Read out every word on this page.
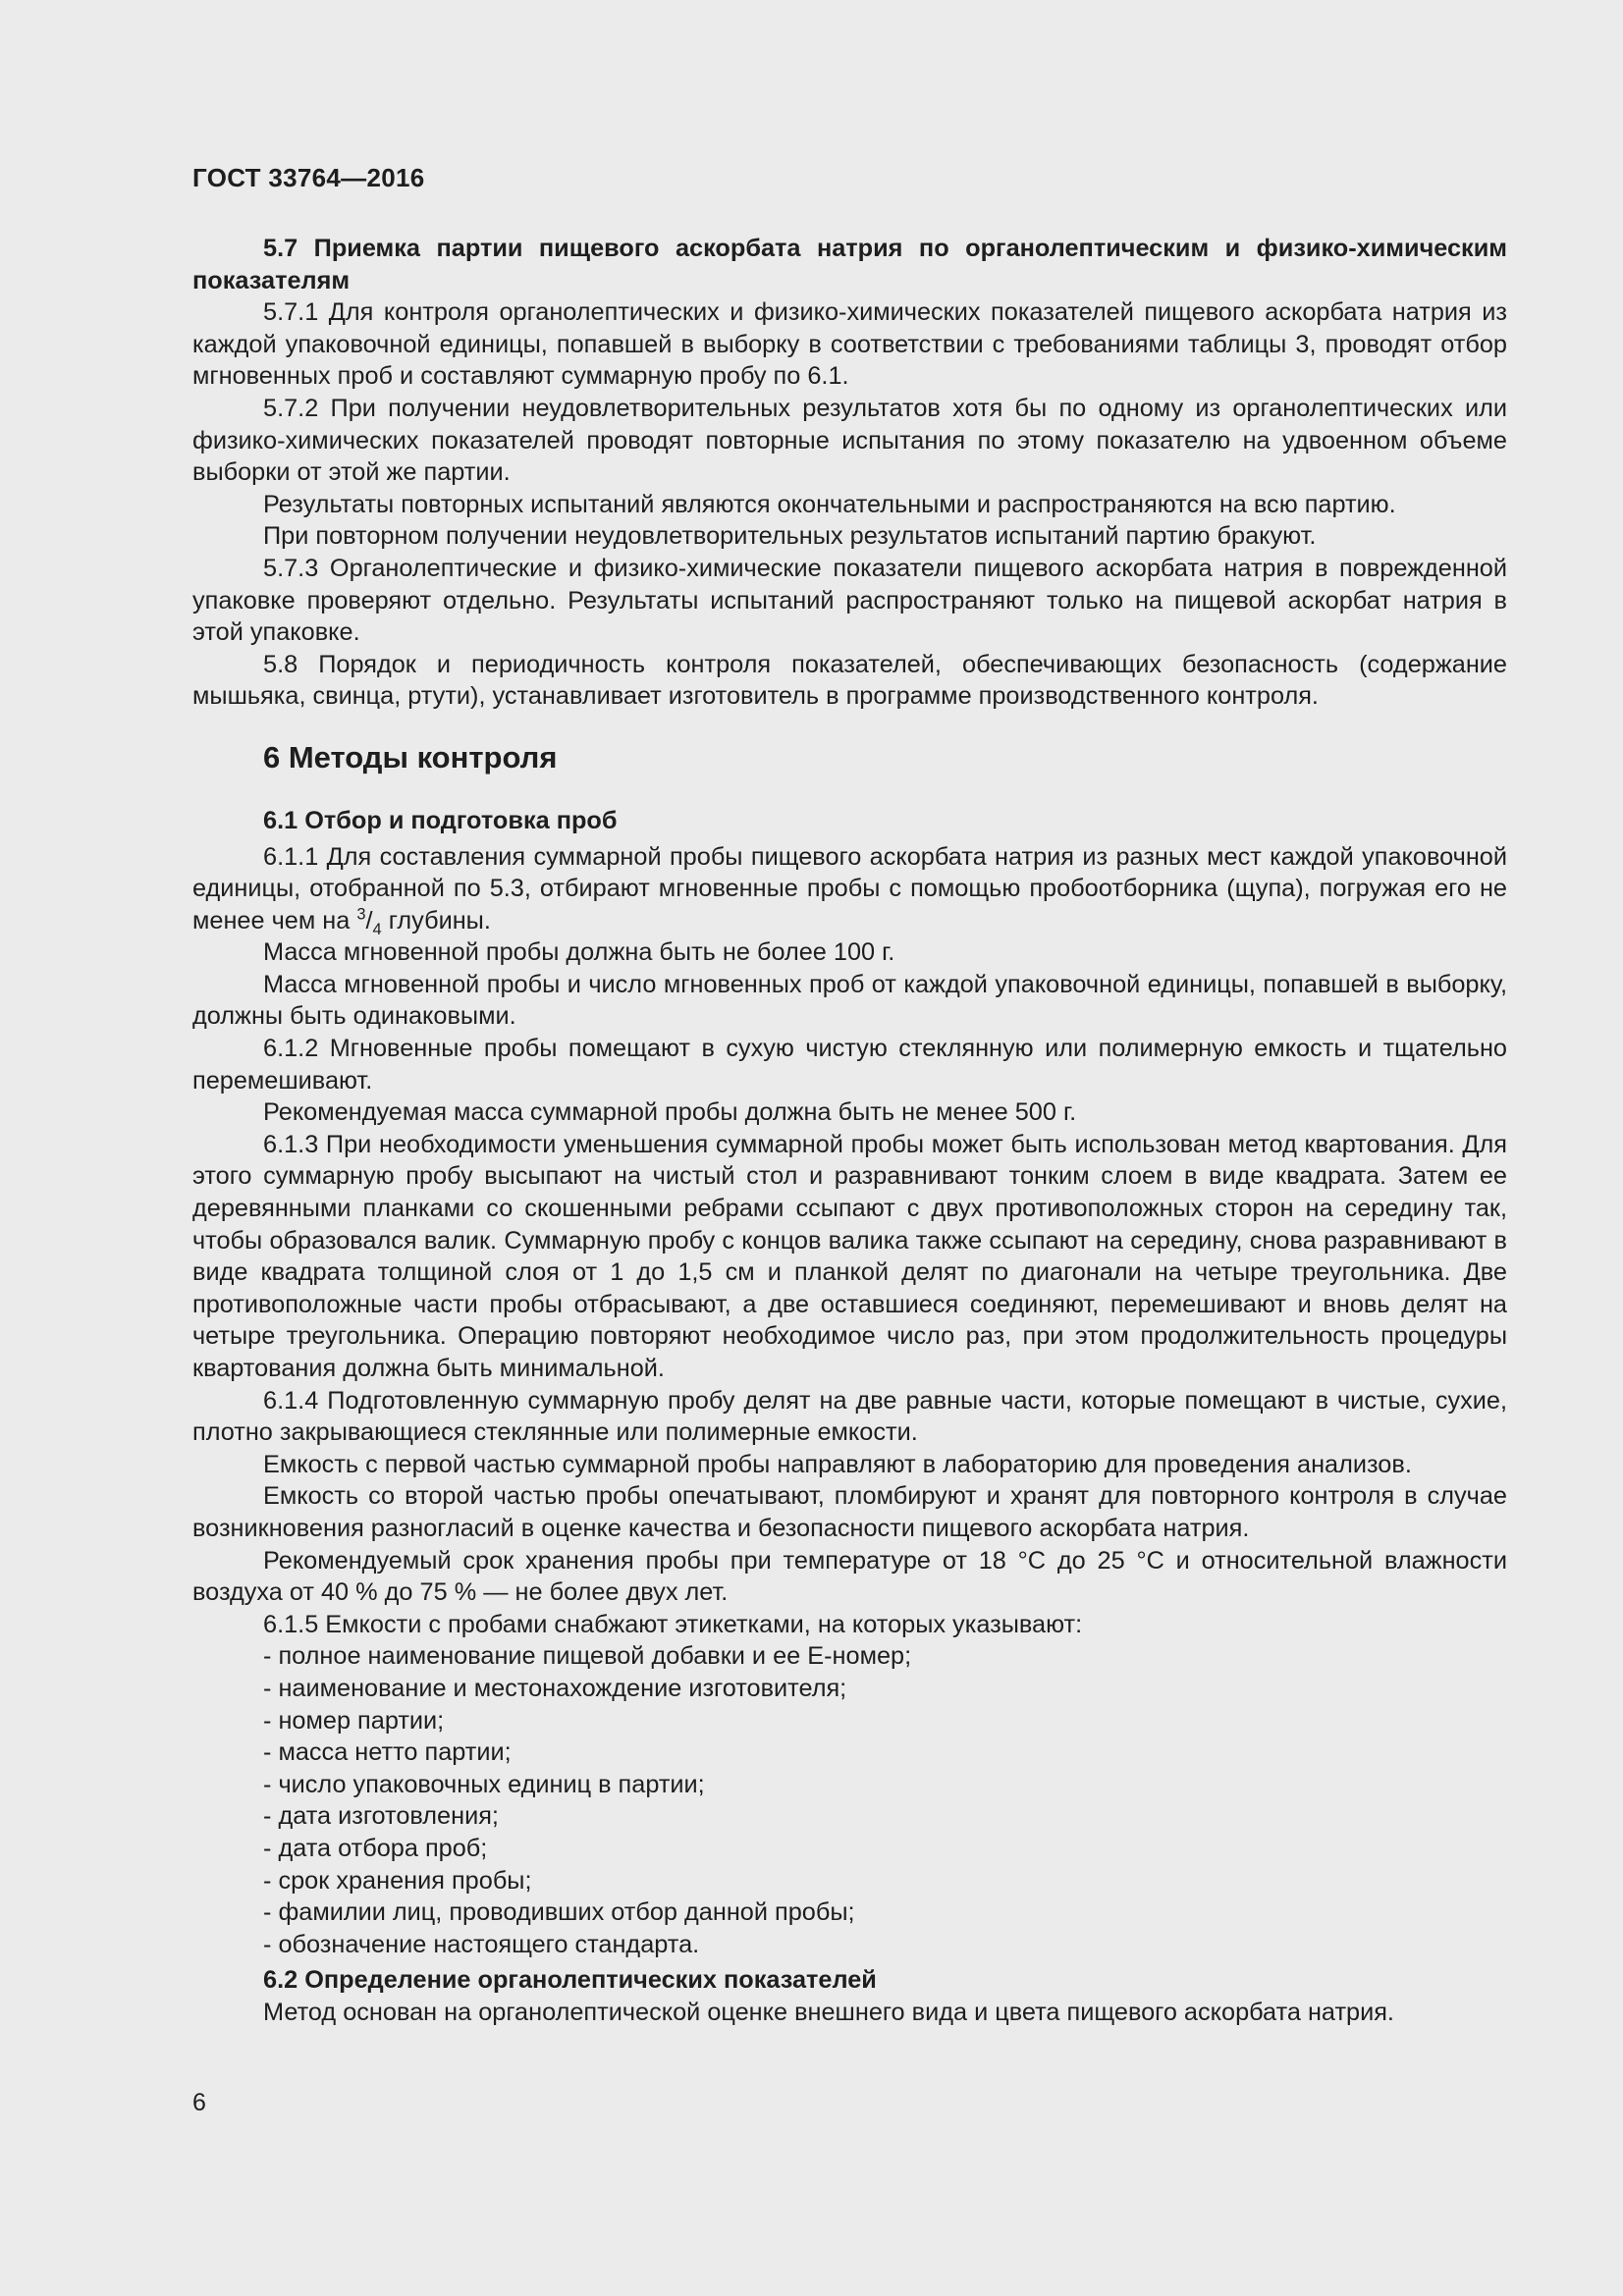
ГОСТ 33764—2016

5.7 Приемка партии пищевого аскорбата натрия по органолептическим и физико-химическим показателям

5.7.1 Для контроля органолептических и физико-химических показателей пищевого аскорбата натрия из каждой упаковочной единицы, попавшей в выборку в соответствии с требованиями таблицы 3, проводят отбор мгновенных проб и составляют суммарную пробу по 6.1.

5.7.2 При получении неудовлетворительных результатов хотя бы по одному из органолептических или физико-химических показателей проводят повторные испытания по этому показателю на удвоенном объеме выборки от этой же партии.

Результаты повторных испытаний являются окончательными и распространяются на всю партию.

При повторном получении неудовлетворительных результатов испытаний партию бракуют.

5.7.3 Органолептические и физико-химические показатели пищевого аскорбата натрия в поврежденной упаковке проверяют отдельно. Результаты испытаний распространяют только на пищевой аскорбат натрия в этой упаковке.

5.8 Порядок и периодичность контроля показателей, обеспечивающих безопасность (содержание мышьяка, свинца, ртути), устанавливает изготовитель в программе производственного контроля.

6 Методы контроля

6.1 Отбор и подготовка проб

6.1.1 Для составления суммарной пробы пищевого аскорбата натрия из разных мест каждой упаковочной единицы, отобранной по 5.3, отбирают мгновенные пробы с помощью пробоотборника (щупа), погружая его не менее чем на $^3/_4$ глубины.

Масса мгновенной пробы должна быть не более 100 г.

Масса мгновенной пробы и число мгновенных проб от каждой упаковочной единицы, попавшей в выборку, должны быть одинаковыми.

6.1.2 Мгновенные пробы помещают в сухую чистую стеклянную или полимерную емкость и тщательно перемешивают.

Рекомендуемая масса суммарной пробы должна быть не менее 500 г.

6.1.3 При необходимости уменьшения суммарной пробы может быть использован метод квартования. Для этого суммарную пробу высыпают на чистый стол и разравнивают тонким слоем в виде квадрата. Затем ее деревянными планками со скошенными ребрами ссыпают с двух противоположных сторон на середину так, чтобы образовался валик. Суммарную пробу с концов валика также ссыпают на середину, снова разравнивают в виде квадрата толщиной слоя от 1 до 1,5 см и планкой делят по диагонали на четыре треугольника. Две противоположные части пробы отбрасывают, а две оставшиеся соединяют, перемешивают и вновь делят на четыре треугольника. Операцию повторяют необходимое число раз, при этом продолжительность процедуры квартования должна быть минимальной.

6.1.4 Подготовленную суммарную пробу делят на две равные части, которые помещают в чистые, сухие, плотно закрывающиеся стеклянные или полимерные емкости.

Емкость с первой частью суммарной пробы направляют в лабораторию для проведения анализов.

Емкость со второй частью пробы опечатывают, пломбируют и хранят для повторного контроля в случае возникновения разногласий в оценке качества и безопасности пищевого аскорбата натрия.

Рекомендуемый срок хранения пробы при температуре от 18 °С до 25 °С и относительной влажности воздуха от 40 % до 75 % — не более двух лет.

6.1.5 Емкости с пробами снабжают этикетками, на которых указывают:

- полное наименование пищевой добавки и ее Е-номер;

- наименование и местонахождение изготовителя;

- номер партии;

- масса нетто партии;

- число упаковочных единиц в партии;

- дата изготовления;

- дата отбора проб;

- срок хранения пробы;

- фамилии лиц, проводивших отбор данной пробы;

- обозначение настоящего стандарта.

6.2 Определение органолептических показателей

Метод основан на органолептической оценке внешнего вида и цвета пищевого аскорбата натрия.

6
